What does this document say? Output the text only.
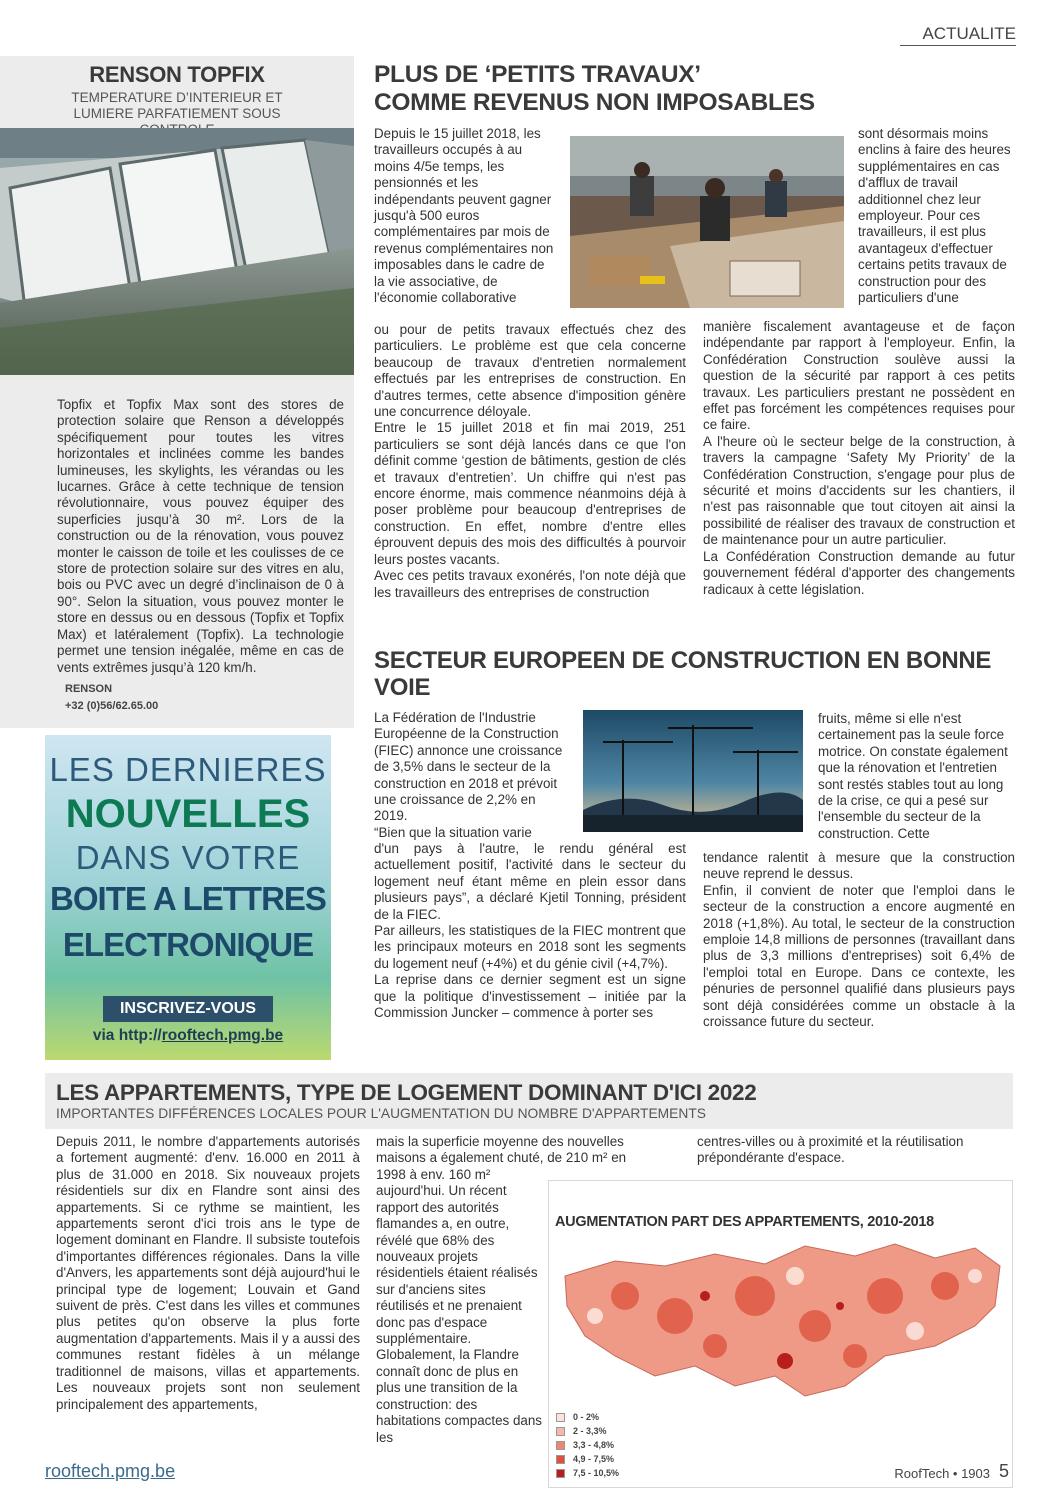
ACTUALITE
RENSON TOPFIX
TEMPERATURE D’INTERIEUR ET LUMIERE PARFATIEMENT SOUS
Topfix et Topfix Max sont des stores de protection solaire que Renson a développés spécifiquement pour toutes les vitres horizontales et inclinées comme les bandes lumineuses, les skylights, les vérandas ou les lucarnes. Grâce à cette technique de tension révolutionnaire, vous pouvez équiper des superficies jusqu’à 30 m². Lors de la construction ou de la rénovation, vous pouvez monter le caisson de toile et les coulisses de ce store de protection solaire sur des vitres en alu, bois ou PVC avec un degré d’inclinaison de 0 à 90°. Selon la situation, vous pouvez monter le store en dessus ou en dessous (Topfix et Topfix Max) et latéralement (Topfix). La technologie permet une tension inégalée, même en cas de vents extrêmes jusqu’à 120 km/h.
RENSON
+32 (0)56/62.65.00
LES DERNIERES
NOUVELLES
DANS VOTRE
BOITE A LETTRES
ELECTRONIQUE
INSCRIVEZ-VOUS
via http://rooftech.pmg.be
PLUS DE ‘PETITS TRAVAUX’
COMME REVENUS NON IMPOSABLES
Depuis le 15 juillet 2018, les travailleurs occupés à au moins 4/5e temps, les pensionnés et les indépendants peuvent gagner jusqu'à 500 euros complémentaires par mois de revenus complémentaires non imposables dans le cadre de la vie associative, de l'économie collaborative
ou pour de petits travaux effectués chez des particuliers. Le problème est que cela concerne beaucoup de travaux d'entretien normalement effectués par les entreprises de construction. En d'autres termes, cette absence d'imposition génère une concurrence déloyale.
Entre le 15 juillet 2018 et fin mai 2019, 251 particuliers se sont déjà lancés dans ce que l'on définit comme ‘gestion de bâtiments, gestion de clés et travaux d'entretien’. Un chiffre qui n'est pas encore énorme, mais commence néanmoins déjà à poser problème pour beaucoup d'entreprises de construction. En effet, nombre d'entre elles éprouvent depuis des mois des difficultés à pourvoir leurs postes vacants.
Avec ces petits travaux exonérés, l'on note déjà que les travailleurs des entreprises de construction
sont désormais moins enclins à faire des heures supplémentaires en cas d'afflux de travail additionnel chez leur employeur. Pour ces travailleurs, il est plus avantageux d'effectuer certains petits travaux de construction pour des particuliers d'une
manière fiscalement avantageuse et de façon indépendante par rapport à l'employeur. Enfin, la Confédération Construction soulève aussi la question de la sécurité par rapport à ces petits travaux. Les particuliers prestant ne possèdent en effet pas forcément les compétences requises pour ce faire.
A l'heure où le secteur belge de la construction, à travers la campagne ‘Safety My Priority’ de la Confédération Construction, s'engage pour plus de sécurité et moins d'accidents sur les chantiers, il n'est pas raisonnable que tout citoyen ait ainsi la possibilité de réaliser des travaux de construction et de maintenance pour un autre particulier.
La Confédération Construction demande au futur gouvernement fédéral d'apporter des changements radicaux à cette législation.
SECTEUR EUROPEEN DE CONSTRUCTION EN BONNE
VOIE
La Fédération de l'Industrie Européenne de la Construction (FIEC) annonce une croissance de 3,5% dans le secteur de la construction en 2018 et prévoit une croissance de 2,2% en 2019.
“Bien que la situation varie
d'un pays à l'autre, le rendu général est actuellement positif, l'activité dans le secteur du logement neuf étant même en plein essor dans plusieurs pays”, a déclaré Kjetil Tonning, président de la FIEC.
Par ailleurs, les statistiques de la FIEC montrent que les principaux moteurs en 2018 sont les segments du logement neuf (+4%) et du génie civil (+4,7%).
La reprise dans ce dernier segment est un signe que la politique d'investissement – initiée par la Commission Juncker – commence à porter ses
fruits, même si elle n'est certainement pas la seule force motrice. On constate également que la rénovation et l'entretien sont restés stables tout au long de la crise, ce qui a pesé sur l'ensemble du secteur de la construction. Cette
tendance ralentit à mesure que la construction neuve reprend le dessus.
Enfin, il convient de noter que l'emploi dans le secteur de la construction a encore augmenté en 2018 (+1,8%). Au total, le secteur de la construction emploie 14,8 millions de personnes (travaillant dans plus de 3,3 millions d'entreprises) soit 6,4% de l'emploi total en Europe. Dans ce contexte, les pénuries de personnel qualifié dans plusieurs pays sont déjà considérées comme un obstacle à la croissance future du secteur.
LES APPARTEMENTS, TYPE DE LOGEMENT DOMINANT D'ICI 2022
IMPORTANTES DIFFÉRENCES LOCALES POUR L'AUGMENTATION DU NOMBRE D'APPARTEMENTS
Depuis 2011, le nombre d'appartements autorisés a fortement augmenté: d'env. 16.000 en 2011 à plus de 31.000 en 2018. Six nouveaux projets résidentiels sur dix en Flandre sont ainsi des appartements. Si ce rythme se maintient, les appartements seront d'ici trois ans le type de logement dominant en Flandre. Il subsiste toutefois d'importantes différences régionales. Dans la ville d'Anvers, les appartements sont déjà aujourd'hui le principal type de logement; Louvain et Gand suivent de près. C'est dans les villes et communes plus petites qu'on observe la plus forte augmentation d'appartements. Mais il y a aussi des communes restant fidèles à un mélange traditionnel de maisons, villas et appartements. Les nouveaux projets sont non seulement principalement des appartements,
mais la superficie moyenne des nouvelles maisons a également chuté, de 210 m² en
1998 à env. 160 m² aujourd'hui. Un récent rapport des autorités flamandes a, en outre, révélé que 68% des nouveaux projets résidentiels étaient réalisés sur d'anciens sites réutilisés et ne prenaient donc pas d'espace supplémentaire. Globalement, la Flandre connaît donc de plus en plus une transition de la construction: des habitations compactes dans les
centres-villes ou à proximité et la réutilisation prépondérante d'espace.
AUGMENTATION PART DES APPARTEMENTS, 2010-2018
0 - 2%
2 - 3,3%
3,3 - 4,8%
4,9 - 7,5%
7,5 - 10,5%
rooftech.pmg.be	RoofTech • 1903 5
